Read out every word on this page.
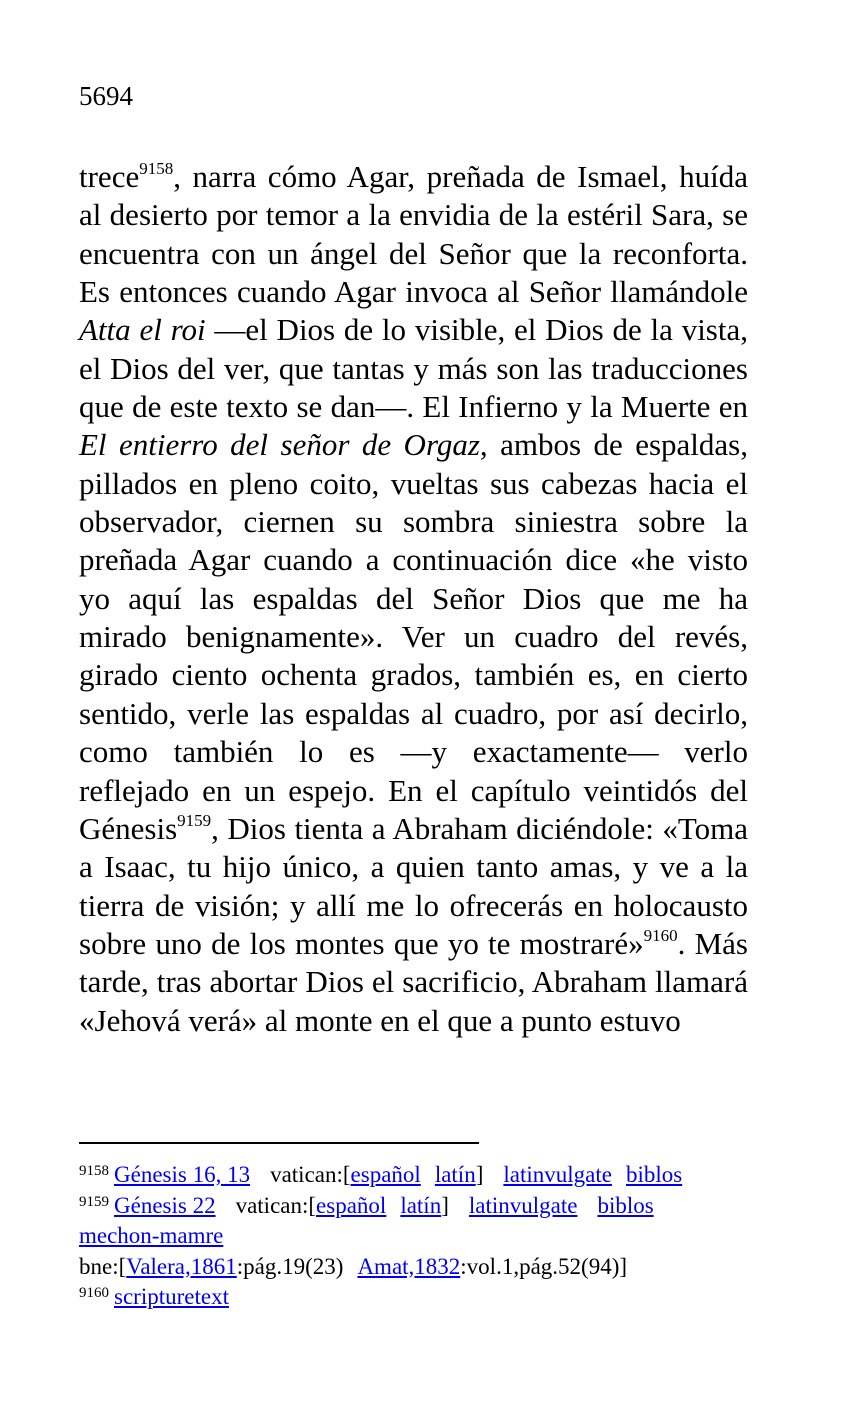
5694
trece$^{9158}$, narra cómo Agar, preñada de Ismael, huída al desierto por temor a la envidia de la estéril Sara, se encuentra con un ángel del Señor que la reconforta. Es entonces cuando Agar invoca al Señor llamándole Atta el roi —el Dios de lo visible, el Dios de la vista, el Dios del ver, que tantas y más son las traducciones que de este texto se dan—. El Infierno y la Muerte en El entierro del señor de Orgaz, ambos de espaldas, pillados en pleno coito, vueltas sus cabezas hacia el observador, ciernen su sombra siniestra sobre la preñada Agar cuando a continuación dice «he visto yo aquí las espaldas del Señor Dios que me ha mirado benignamente». Ver un cuadro del revés, girado ciento ochenta grados, también es, en cierto sentido, verle las espaldas al cuadro, por así decirlo, como también lo es —y exactamente— verlo reflejado en un espejo. En el capítulo veintidós del Génesis$^{9159}$, Dios tienta a Abraham diciéndole: «Toma a Isaac, tu hijo único, a quien tanto amas, y ve a la tierra de visión; y allí me lo ofrecerás en holocausto sobre uno de los montes que yo te mostraré»$^{9160}$. Más tarde, tras abortar Dios el sacrificio, Abraham llamará «Jehová verá» al monte en el que a punto estuvo
$^{9158}$ Génesis 16, 13 vatican:[español latín] latinvulgate biblos
$^{9159}$ Génesis 22 vatican:[español latín] latinvulgate biblos
mechon-mamre
bne:[Valera,1861:pág.19(23) Amat,1832:vol.1,pág.52(94)]
$^{9160}$ scripturetext
